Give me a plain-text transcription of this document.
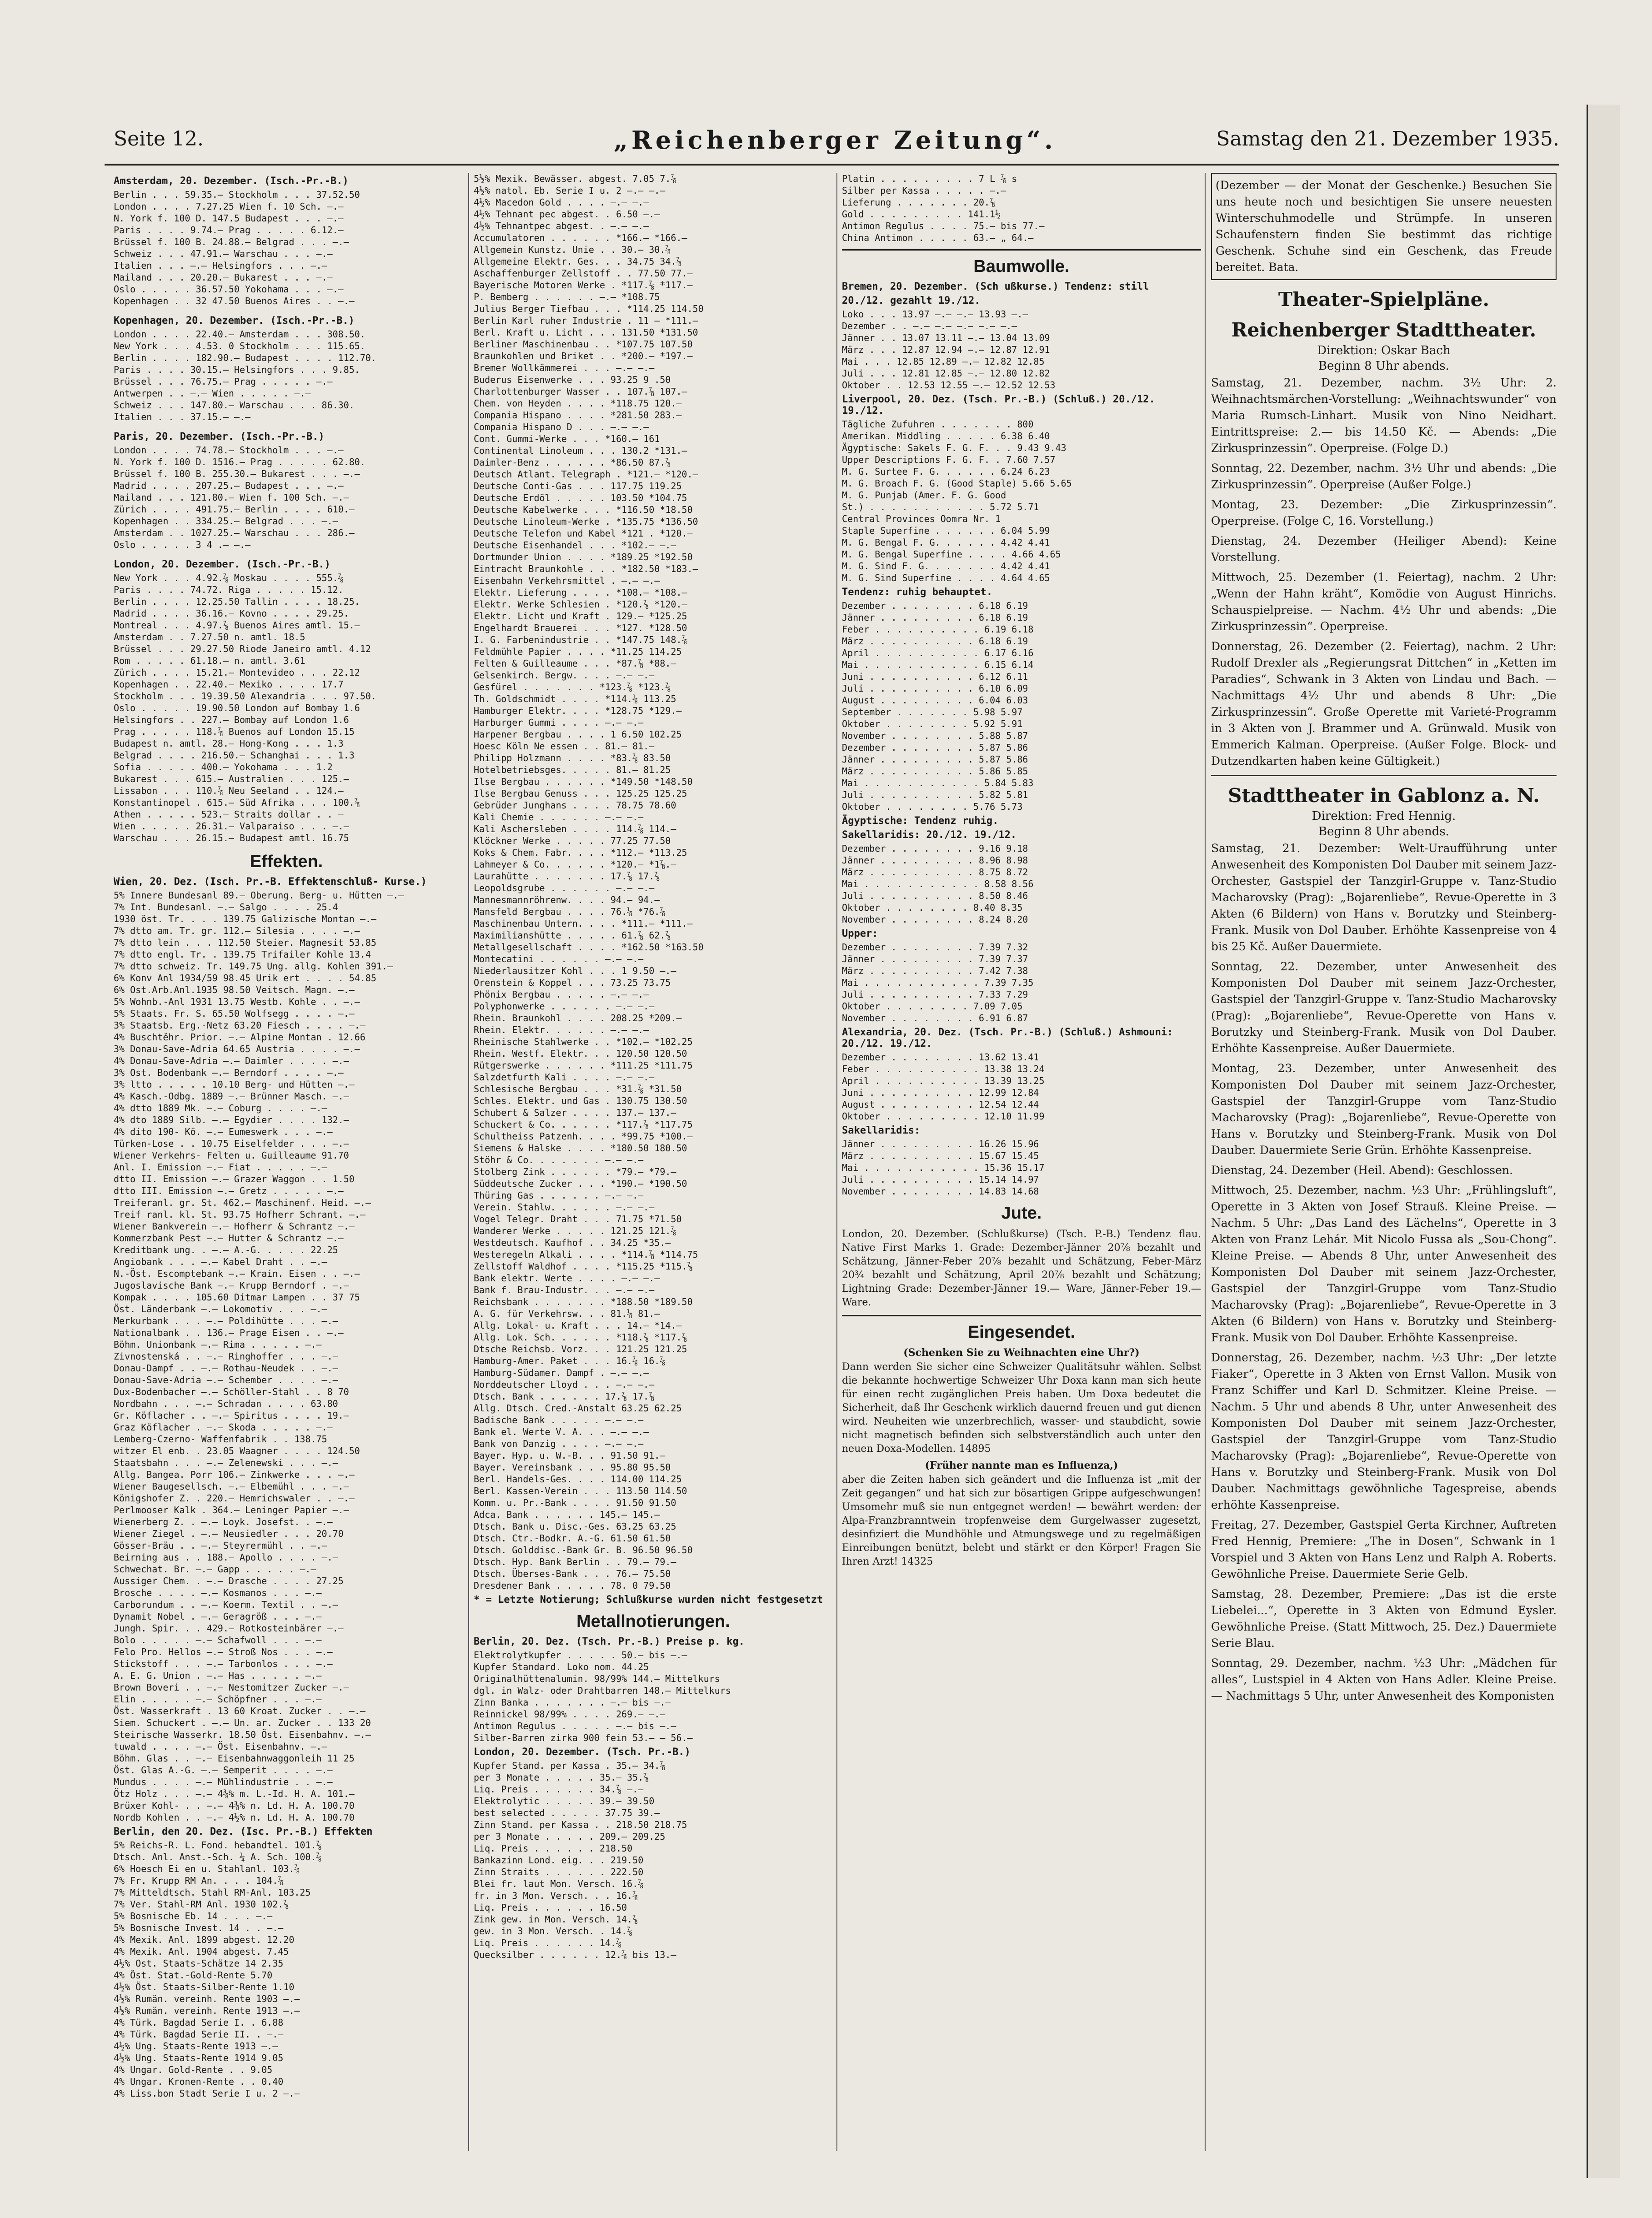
Seite 12.	„Reichenberger Zeitung“.	Samstag den 21. Dezember 1935.
Amsterdam, 20. Dezember. (Isch.-Pr.-B.)
Berlin . . . 59.35.— Stockholm . . . 37.52.50
London . . . . 7.27.25 Wien f. 10 Sch. —.—
N. York f. 100 D. 147.5 Budapest . . . —.—
Paris . . . . 9.74.— Prag . . . . . 6.12.—
Brüssel f. 100 B. 24.88.— Belgrad . . . —.—
Schweiz . . . 47.91.— Warschau . . . —.—
Italien . . . —.— Helsingfors . . . —.—
Mailand . . . 20.20.— Bukarest . . . —.—
Oslo . . . . . 36.57.50 Yokohama . . . —.—
Kopenhagen . . 32 47.50 Buenos Aires . . —.—
Kopenhagen, 20. Dezember. (Isch.-Pr.-B.)
London . . . . 22.40.— Amsterdam . . . 308.50.
New York . . . 4.53. 0 Stockholm . . . 115.65.
Berlin . . . . 182.90.— Budapest . . . . 112.70.
Paris . . . . 30.15.— Helsingfors . . . 9.85.
Brüssel . . . 76.75.— Prag . . . . . —.—
Antwerpen . . —.— Wien . . . . . —.—
Schweiz . . . 147.80.— Warschau . . . 86.30.
Italien . . . 37.15.— —.—
Paris, 20. Dezember. (Isch.-Pr.-B.)
London . . . . 74.78.— Stockholm . . . —.—
N. York f. 100 D. 1516.— Prag . . . . . 62.80.
Brüssel f. 100 B. 255.30.— Bukarest . . . —.—
Madrid . . . . 207.25.— Budapest . . . —.—
Mailand . . . 121.80.— Wien f. 100 Sch. —.—
Zürich . . . . 491.75.— Berlin . . . . 610.—
Kopenhagen . . 334.25.— Belgrad . . . —.—
Amsterdam . . 1027.25.— Warschau . . . 286.—
Oslo . . . . . 3 4 .— —.—
London, 20. Dezember. (Isch.-Pr.-B.)
New York . . . 4.92.⅞ Moskau . . . . 555.⅞
Paris . . . . 74.72. Riga . . . . . 15.12.
Berlin . . . . 12.25.50 Tallin . . . . 18.25.
Madrid . . . . 36.16.— Kovno . . . . 29.25.
Montreal . . . 4.97.⅞ Buenos Aires amtl. 15.—
Amsterdam . . 7.27.50 n. amtl. 18.5
Brüssel . . . 29.27.50 Riode Janeiro amtl. 4.12
Rom . . . . . 61.18.— n. amtl. 3.61
Zürich . . . . 15.21.— Montevideo . . . 22.12
Kopenhagen . . 22.40.— Mexiko . . . . 17.7
Stockholm . . . 19.39.50 Alexandria . . . 97.50.
Oslo . . . . . 19.90.50 London auf Bombay 1.6
Helsingfors . . 227.— Bombay auf London 1.6
Prag . . . . . 118.⅞ Buenos auf London 15.15
Budapest n. amtl. 28.— Hong-Kong . . . 1.3
Belgrad . . . . 216.50.— Schanghai . . . 1.3
Sofia . . . . . 400.— Yokohama . . . 1.2
Bukarest . . . 615.— Australien . . . 125.—
Lissabon . . . 110.⅞ Neu Seeland . . 124.—
Konstantinopel . 615.— Süd Afrika . . . 100.⅞
Athen . . . . . 523.— Straits dollar . . —
Wien . . . . . 26.31.— Valparaiso . . . —.—
Warschau . . . 26.15.— Budapest amtl. 16.75
Effekten.
Wien, 20. Dez. (Isch. Pr.-B. Effektenschluß- Kurse.)
5% Innere Bundesanl 89.— Oberung. Berg- u. Hütten —.—
7% Int. Bundesanl. —.— Salgo . . . . 25.4
1930 öst. Tr. . . . 139.75 Galizische Montan —.—
7% dtto am. Tr. gr. 112.— Silesia . . . . —.—
7% dtto lein . . . 112.50 Steier. Magnesit 53.85
7% dtto engl. Tr. . 139.75 Trifailer Kohle 13.4
7% dtto schweiz. Tr. 149.75 Ung. allg. Kohlen 391.—
6% Konv Anl 1934/59 98.45 Urik ert . . . . 54.85
6% Ost.Arb.Anl.1935 98.50 Veitsch. Magn. —.—
5% Wohnb.-Anl 1931 13.75 Westb. Kohle . . —.—
5% Staats. Fr. S. 65.50 Wolfsegg . . . . —.—
3% Staatsb. Erg.-Netz 63.20 Fiesch . . . . —.—
4% Buschtěhr. Prior. —.— Alpine Montan . 12.66
3% Donau-Save-Adria 64.65 Austria . . . . —.—
4% Donau-Save-Adria —.— Daimler . . . . —.—
3% Ost. Bodenbank —.— Berndorf . . . . —.—
3% ltto . . . . . 10.10 Berg- und Hütten —.—
4% Kasch.-Odbg. 1889 —.— Brünner Masch. —.—
4% dtto 1889 Mk. —.— Coburg . . . . —.—
4% dto 1889 Silb. —.— Egydier . . . . 132.—
4% dito 190- Kö. —.— Eumeswerk . . . —.—
Türken-Lose . . 10.75 Eiselfelder . . . —.—
Wiener Verkehrs- Felten u. Guilleaume 91.70
Anl. I. Emission —.— Fiat . . . . . —.—
dtto II. Emission —.— Grazer Waggon . . 1.50
dtto III. Emission —.— Gretz . . . . . —.—
Treiferanl. gr. St. 462.— Maschinenf. Heid. —.—
Treif ranl. kl. St. 93.75 Hofherr Schrant. —.—
Wiener Bankverein —.— Hofherr & Schrantz —.—
Kommerzbank Pest —.— Hutter & Schrantz —.—
Kreditbank ung. . —.— A.-G. . . . . 22.25
Angiobank . . . —.— Kabel Draht . . —.—
N.-Öst. Escomptebank —.— Krain. Eisen . . —.—
Jugoslavische Bank —.— Krupp Berndorf . —.—
Kompak . . . . 105.60 Ditmar Lampen . . 37 75
Öst. Länderbank —.— Lokomotiv . . . —.—
Merkurbank . . . —.— Poldihütte . . . —.—
Nationalbank . . 136.— Prage Eisen . . —.—
Böhm. Unionbank —.— Rima . . . . . —.—
Zivnostenská . . —.— Ringhoffer . . . —.—
Donau-Dampf . . —.— Rothau-Neudek . . —.—
Donau-Save-Adria —.— Schember . . . . —.—
Dux-Bodenbacher —.— Schöller-Stahl . . 8 70
Nordbahn . . . —.— Schradan . . . . 63.80
Gr. Köflacher . . —.— Spiritus . . . . 19.—
Graz Köflacher . —.— Skoda . . . . . —.—
Lemberg-Czerno- Waffenfabrik . . 138.75
witzer El enb. . 23.05 Waagner . . . . 124.50
Staatsbahn . . . —.— Zelenewski . . . —.—
Allg. Bangea. Porr 106.— Zinkwerke . . . —.—
Wiener Baugesellsch. —.— Elbemühl . . . —.—
Königshofer Z. . 220.— Hemrichswaler . . —.—
Perlmooser Kalk . 364.— Leninger Papier —.—
Wienerberg Z. . —.— Loyk. Josefst. . —.—
Wiener Ziegel . —.— Neusiedler . . . 20.70
Gösser-Bräu . . —.— Steyrermühl . . —.—
Beirning aus . . 188.— Apollo . . . . —.—
Schwechat. Br. —.— Gapp . . . . . —.—
Aussiger Chem. . —.— Drasche . . . . 27.25
Brosche . . . . —.— Kosmanos . . . —.—
Carborundum . . —.— Koerm. Textil . . —.—
Dynamit Nobel . —.— Geragröß . . . —.—
Jungh. Spir. . . 429.— Rotkosteinbärer —.—
Bolo . . . . . —.— Schafwoll . . . —.—
Felo Pro. Hellos —.— Stroß Nos . . . —.—
Stickstoff . . . —.— Tarbonlos . . . —.—
A. E. G. Union . —.— Has . . . . . —.—
Brown Boveri . . —.— Nestomitzer Zucker —.—
Elin . . . . . —.— Schöpfner . . . —.—
Öst. Wasserkraft . 13 60 Kroat. Zucker . . —.—
Siem. Schuckert . —.— Un. ar. Zucker . . 133 20
Steirische Wasserkr. 18.50 Öst. Eisenbahnv. —.—
tuwald . . . . —.— Öst. Eisenbahnv. —.—
Böhm. Glas . . —.— Eisenbahnwaggonleih 11 25
Öst. Glas A.-G. —.— Semperit . . . . —.—
Mundus . . . . —.— Mühlindustrie . . —.—
Ötz Holz . . . —.— 4⅜% m. L.-Id. H. A. 101.—
Brüxer Kohl- . . —.— 4⅜% n. Ld. H. A. 100.70
Nordb Kohlen . . —.— 4½% n. Ld. H. A. 100.70
Berlin, den 20. Dez. (Isc. Pr.-B.) Effekten
5% Reichs-R. L. Fond. hebandtel. 101.⅞
Dtsch. Anl. Anst.-Sch. ¼ A. Sch. 100.⅞
6% Hoesch Ei en u. Stahlanl. 103.⅞
7% Fr. Krupp RM An. . . . 104.⅞
7% Mitteldtsch. Stahl RM-Anl. 103.25
7% Ver. Stahl-RM Anl. 1930 102.⅞
5% Bosnische Eb. 14 . . . —.—
5% Bosnische Invest. 14 . . —.—
4% Mexik. Anl. 1899 abgest. 12.20
4% Mexik. Anl. 1904 abgest. 7.45
4½% Ost. Staats-Schätze 14 2.35
4% Öst. Stat.-Gold-Rente 5.70
4½% Öst. Staats-Silber-Rente 1.10
4½% Rumän. vereinh. Rente 1903 —.—
4½% Rumän. vereinh. Rente 1913 —.—
4% Türk. Bagdad Serie I. . 6.88
4% Türk. Bagdad Serie II. . —.—
4½% Ung. Staats-Rente 1913 —.—
4½% Ung. Staats-Rente 1914 9.05
4% Ungar. Gold-Rente . . 9.05
4% Ungar. Kronen-Rente . . 0.40
4% Liss.bon Stadt Serie I u. 2 —.—
5½% Mexik. Bewässer. abgest. 7.05 7.⅞
4½% natol. Eb. Serie I u. 2 —.— —.—
4½% Macedon Gold . . . . —.— —.—
4½% Tehnant pec abgest. . 6.50 —.—
4½% Tehnantpec abgest. . —.— —.—
Accumulatoren . . . . . . *166.— *166.—
Allgemein Kunstz. Unie . . 30.— 30.⅞
Allgemeine Elektr. Ges. . . 34.75 34.⅞
Aschaffenburger Zellstoff . . 77.50 77.—
Bayerische Motoren Werke . *117.⅞ *117.—
P. Bemberg . . . . . . —.— *108.75
Julius Berger Tiefbau . . . *114.25 114.50
Berlin Karl ruher Industrie . 11 — *111.—
Berl. Kraft u. Licht . . . 131.50 *131.50
Berliner Maschinenbau . . *107.75 107.50
Braunkohlen und Briket . . *200.— *197.—
Bremer Wollkämmerei . . . —.— —.—
Buderus Eisenwerke . . . 93.25 9 .50
Charlottenburger Wasser . . 107.⅞ 107.—
Chem. von Heyden . . . . *118.75 120.—
Compania Hispano . . . . *281.50 283.—
Compania Hispano D . . . —.— —.—
Cont. Gummi-Werke . . . *160.— 161
Continental Linoleum . . . 130.2 *131.—
Daimler-Benz . . . . . . *86.50 87.⅞
Deutsch Atlant. Telegraph . *121.— *120.—
Deutsche Conti-Gas . . . 117.75 119.25
Deutsche Erdöl . . . . . 103.50 *104.75
Deutsche Kabelwerke . . . *116.50 *18.50
Deutsche Linoleum-Werke . *135.75 *136.50
Deutsche Telefon und Kabel *121 . *120.—
Deutsche Eisenhandel . . . *102.— —.—
Dortmunder Union . . . . *189.25 *192.50
Eintracht Braunkohle . . . *182.50 *183.—
Eisenbahn Verkehrsmittel . —.— —.—
Elektr. Lieferung . . . . *108.— *108.—
Elektr. Werke Schlesien . *120.⅞ *120.—
Elektr. Licht und Kraft . 129.— *125.25
Engelhardt Brauerei . . . *127. *128.50
I. G. Farbenindustrie . . *147.75 148.⅞
Feldmühle Papier . . . . *11.25 114.25
Felten & Guilleaume . . . *87.⅞ *88.—
Gelsenkirch. Bergw. . . . —.— —.—
Gesfürel . . . . . . . *123.⅞ *123.⅞
Th. Goldschmidt . . . . *114.⅛ 113.25
Hamburger Elektr. . . . *128.75 *129.—
Harburger Gummi . . . . —.— —.—
Harpener Bergbau . . . . 1 6.50 102.25
Hoesc Köln Ne essen . . 81.— 81.—
Philipp Holzmann . . . . *83.⅞ 83.50
Hotelbetriebsges. . . . . 81.— 81.25
Ilse Bergbau . . . . . . *149.50 *148.50
Ilse Bergbau Genuss . . . 125.25 125.25
Gebrüder Junghans . . . . 78.75 78.60
Kali Chemie . . . . . . —.— —.—
Kali Aschersleben . . . . 114.⅞ 114.—
Klöckner Werke . . . . . 77.25 77.50
Koks & Chem. Fabr. . . . *112.— *113.25
Lahmeyer & Co. . . . . . *120.— *1⅞.—
Laurahütte . . . . . . . 17.⅞ 17.⅞
Leopoldsgrube . . . . . . —.— —.—
Mannesmannröhrenw. . . . 94.— 94.—
Mansfeld Bergbau . . . . 76.⅛ *76.⅞
Maschinenbau Untern. . . . *111.— *111.—
Maximilianshütte . . . . . 61.⅞ 62.⅞
Metallgesellschaft . . . . *162.50 *163.50
Montecatini . . . . . . —.— —.—
Niederlausitzer Kohl . . . 1 9.50 —.—
Orenstein & Koppel . . . 73.25 73.75
Phönix Bergbau . . . . . —.— —.—
Polyphonwerke . . . . . . —.— —.—
Rhein. Braunkohl . . . . 208.25 *209.—
Rhein. Elektr. . . . . . —.— —.—
Rheinische Stahlwerke . . *102.— *102.25
Rhein. Westf. Elektr. . . 120.50 120.50
Rütgerswerke . . . . . . *111.25 *111.75
Salzdetfurth Kali . . . . —.— —.—
Schlesische Bergbau . . . *31.⅞ *31.50
Schles. Elektr. und Gas . 130.75 130.50
Schubert & Salzer . . . . 137.— 137.—
Schuckert & Co. . . . . . *117.⅞ *117.75
Schultheiss Patzenh. . . . *99.75 *100.—
Siemens & Halske . . . . *180.50 180.50
Stöhr & Co. . . . . . . —.— —.—
Stolberg Zink . . . . . . *79.— *79.—
Süddeutsche Zucker . . . *190.— *190.50
Thüring Gas . . . . . . —.— —.—
Verein. Stahlw. . . . . . —.— —.—
Vogel Telegr. Draht . . . 71.75 *71.50
Wanderer Werke . . . . . 121.25 121.⅞
Westdeutsch. Kaufhof . . 34.25 *35.—
Westeregeln Alkali . . . . *114.⅞ *114.75
Zellstoff Waldhof . . . . *115.25 *115.⅞
Bank elektr. Werte . . . . —.— —.—
Bank f. Brau-Industr. . . —.— —.—
Reichsbank . . . . . . . *188.50 *189.50
A. G. für Verkehrsw. . . 81.⅛ 81.—
Allg. Lokal- u. Kraft . . . 14.— *14.—
Allg. Lok. Sch. . . . . . *118.⅞ *117.⅞
Dtsche Reichsb. Vorz. . . 121.25 121.25
Hamburg-Amer. Paket . . . 16.⅞ 16.⅞
Hamburg-Südamer. Dampf . —.— —.—
Norddeutscher Lloyd . . . —.— —.—
Dtsch. Bank . . . . . . 17.⅞ 17.⅞
Allg. Dtsch. Cred.-Anstalt 63.25 62.25
Badische Bank . . . . . —.— —.—
Bank el. Werte V. A. . . —.— —.—
Bank von Danzig . . . . —.— —.—
Bayer. Hyp. u. W.-B. . . 91.50 91.—
Bayer. Vereinsbank . . . 95.80 95.50
Berl. Handels-Ges. . . . 114.00 114.25
Berl. Kassen-Verein . . . 113.50 114.50
Komm. u. Pr.-Bank . . . . 91.50 91.50
Adca. Bank . . . . . . 145.— 145.—
Dtsch. Bank u. Disc.-Ges. 63.25 63.25
Dtsch. Ctr.-Bodkr. A.-G. 61.50 61.50
Dtsch. Golddisc.-Bank Gr. B. 96.50 96.50
Dtsch. Hyp. Bank Berlin . . 79.— 79.—
Dtsch. Überses-Bank . . . 76.— 75.50
Dresdener Bank . . . . . 78. 0 79.50
* = Letzte Notierung; Schlußkurse wurden nicht festgesetzt
Metallnotierungen.
Berlin, 20. Dez. (Tsch. Pr.-B.) Preise p. kg.
Elektrolytkupfer . . . . . 50.— bis —.—
Kupfer Standard. Loko nom. 44.25
Originalhüttenalumin. 98/99% 144.— Mittelkurs
dgl. in Walz- oder Drahtbarren 148.— Mittelkurs
Zinn Banka . . . . . . . —.— bis —.—
Reinnickel 98/99% . . . . 269.— —.—
Antimon Regulus . . . . . —.— bis —.—
Silber-Barren zirka 900 fein 53.— — 56.—
London, 20. Dezember. (Tsch. Pr.-B.)
Kupfer Stand. per Kassa . 35.— 34.⅞
per 3 Monate . . . . . 35.— 35.⅞
Liq. Preis . . . . . . 34.⅞ —.—
Elektrolytic . . . . . 39.— 39.50
best selected . . . . . 37.75 39.—
Zinn Stand. per Kassa . . 218.50 218.75
per 3 Monate . . . . . 209.— 209.25
Liq. Preis . . . . . . 218.50
Bankazinn Lond. eig. . . 219.50
Zinn Straits . . . . . . 222.50
Blei fr. laut Mon. Versch. 16.⅞
fr. in 3 Mon. Versch. . . 16.⅞
Liq. Preis . . . . . . 16.50
Zink gew. in Mon. Versch. 14.⅞
gew. in 3 Mon. Versch. . 14.⅞
Liq. Preis . . . . . . 14.⅞
Quecksilber . . . . . . 12.⅞ bis 13.—
Platin . . . . . . . . . 7 L ⅞ s
Silber per Kassa . . . . . —.—
Lieferung . . . . . . . 20.⅞
Gold . . . . . . . . . 141.1½
Antimon Regulus . . . . 75.— bis 77.—
China Antimon . . . . . 63.— „ 64.—
Baumwolle.
Bremen, 20. Dezember. (Sch ußkurse.) Tendenz: still
20./12. gezahlt 19./12.
Loko . . . 13.97 —.— —.— 13.93 —.—
Dezember . . —.— —.— —.— —.— —.—
Jänner . . 13.07 13.11 —.— 13.04 13.09
März . . . 12.87 12.94 —.— 12.87 12.91
Mai . . . 12.85 12.89 —.— 12.82 12.85
Juli . . . 12.81 12.85 —.— 12.80 12.82
Oktober . . 12.53 12.55 —.— 12.52 12.53
Liverpool, 20. Dez. (Tsch. Pr.-B.) (Schluß.) 20./12. 19./12.
Tägliche Zufuhren . . . . . . . 800
Amerikan. Middling . . . . . 6.38 6.40
Ägyptische: Sakels F. G. F. . . 9.43 9.43
Upper Descriptions F. G. F. . 7.60 7.57
M. G. Surtee F. G. . . . . . 6.24 6.23
M. G. Broach F. G. (Good Staple) 5.66 5.65
M. G. Punjab (Amer. F. G. Good
St.) . . . . . . . . . . . 5.72 5.71
Central Provinces Oomra Nr. 1
Staple Superfine . . . . . . 6.04 5.99
M. G. Bengal F. G. . . . . . 4.42 4.41
M. G. Bengal Superfine . . . . 4.66 4.65
M. G. Sind F. G. . . . . . . 4.42 4.41
M. G. Sind Superfine . . . . 4.64 4.65
Tendenz: ruhig behauptet.
Dezember . . . . . . . . 6.18 6.19
Jänner . . . . . . . . . 6.18 6.19
Feber . . . . . . . . . . 6.19 6.18
März . . . . . . . . . . 6.18 6.19
April . . . . . . . . . . 6.17 6.16
Mai . . . . . . . . . . . 6.15 6.14
Juni . . . . . . . . . . 6.12 6.11
Juli . . . . . . . . . . 6.10 6.09
August . . . . . . . . . 6.04 6.03
September . . . . . . . 5.98 5.97
Oktober . . . . . . . . 5.92 5.91
November . . . . . . . . 5.88 5.87
Dezember . . . . . . . . 5.87 5.86
Jänner . . . . . . . . . 5.87 5.86
März . . . . . . . . . . 5.86 5.85
Mai . . . . . . . . . . . 5.84 5.83
Juli . . . . . . . . . . 5.82 5.81
Oktober . . . . . . . . 5.76 5.73
Ägyptische: Tendenz ruhig.
Sakellaridis: 20./12. 19./12.
Dezember . . . . . . . . 9.16 9.18
Jänner . . . . . . . . . 8.96 8.98
März . . . . . . . . . . 8.75 8.72
Mai . . . . . . . . . . . 8.58 8.56
Juli . . . . . . . . . . 8.50 8.46
Oktober . . . . . . . . 8.40 8.35
November . . . . . . . . 8.24 8.20
Upper:
Dezember . . . . . . . . 7.39 7.32
Jänner . . . . . . . . . 7.39 7.37
März . . . . . . . . . . 7.42 7.38
Mai . . . . . . . . . . . 7.39 7.35
Juli . . . . . . . . . . 7.33 7.29
Oktober . . . . . . . . 7.09 7.05
November . . . . . . . . 6.91 6.87
Alexandria, 20. Dez. (Tsch. Pr.-B.) (Schluß.) Ashmouni: 20./12. 19./12.
Dezember . . . . . . . . 13.62 13.41
Feber . . . . . . . . . . 13.38 13.24
April . . . . . . . . . . 13.39 13.25
Juni . . . . . . . . . . 12.99 12.84
August . . . . . . . . . 12.54 12.44
Oktober . . . . . . . . . 12.10 11.99
Sakellaridis:
Jänner . . . . . . . . . 16.26 15.96
März . . . . . . . . . . 15.67 15.45
Mai . . . . . . . . . . . 15.36 15.17
Juli . . . . . . . . . . 15.14 14.97
November . . . . . . . . 14.83 14.68
Jute.
London, 20. Dezember. (Schlußkurse) (Tsch. P.-B.) Tendenz flau. Native First Marks 1. Grade: Dezember-Jänner 20⅞ bezahlt und Schätzung, Jänner-Feber 20⅞ bezahlt und Schätzung, Feber-März 20¾ bezahlt und Schätzung, April 20⅞ bezahlt und Schätzung; Lightning Grade: Dezember-Jänner 19.— Ware, Jänner-Feber 19.— Ware.
Eingesendet.
(Schenken Sie zu Weihnachten eine Uhr?)
Dann werden Sie sicher eine Schweizer Qualitätsuhr wählen. Selbst die bekannte hochwertige Schweizer Uhr Doxa kann man sich heute für einen recht zugänglichen Preis haben. Um Doxa bedeutet die Sicherheit, daß Ihr Geschenk wirklich dauernd freuen und gut dienen wird. Neuheiten wie unzerbrechlich, wasser- und staubdicht, sowie nicht magnetisch befinden sich selbstverständlich auch unter den neuen Doxa-Modellen. 14895
(Früher nannte man es Influenza,)
aber die Zeiten haben sich geändert und die Influenza ist „mit der Zeit gegangen“ und hat sich zur bösartigen Grippe aufgeschwungen! Umsomehr muß sie nun entgegnet werden! — bewährt werden: der Alpa-Franzbranntwein tropfenweise dem Gurgelwasser zugesetzt, desinfiziert die Mundhöhle und Atmungswege und zu regelmäßigen Einreibungen benützt, belebt und stärkt er den Körper! Fragen Sie Ihren Arzt! 14325
(Dezember — der Monat der Geschenke.) Besuchen Sie uns heute noch und besichtigen Sie unsere neuesten Winterschuhmodelle und Strümpfe. In unseren Schaufenstern finden Sie bestimmt das richtige Geschenk. Schuhe sind ein Geschenk, das Freude bereitet. Bata.
Theater-Spielpläne.
Reichenberger Stadttheater.
Direktion: Oskar Bach
Beginn 8 Uhr abends.
Samstag, 21. Dezember, nachm. 3½ Uhr: 2. Weihnachtsmärchen-Vorstellung: „Weihnachtswunder“ von Maria Rumsch-Linhart. Musik von Nino Neidhart. Eintrittspreise: 2.— bis 14.50 Kč. — Abends: „Die Zirkusprinzessin“. Operpreise. (Folge D.)
Sonntag, 22. Dezember, nachm. 3½ Uhr und abends: „Die Zirkusprinzessin“. Operpreise (Außer Folge.)
Montag, 23. Dezember: „Die Zirkusprinzessin“. Operpreise. (Folge C, 16. Vorstellung.)
Dienstag, 24. Dezember (Heiliger Abend): Keine Vorstellung.
Mittwoch, 25. Dezember (1. Feiertag), nachm. 2 Uhr: „Wenn der Hahn kräht“, Komödie von August Hinrichs. Schauspielpreise. — Nachm. 4½ Uhr und abends: „Die Zirkusprinzessin“. Operpreise.
Donnerstag, 26. Dezember (2. Feiertag), nachm. 2 Uhr: Rudolf Drexler als „Regierungsrat Dittchen“ in „Ketten im Paradies“, Schwank in 3 Akten von Lindau und Bach. — Nachmittags 4½ Uhr und abends 8 Uhr: „Die Zirkusprinzessin“. Große Operette mit Varieté-Programm in 3 Akten von J. Brammer und A. Grünwald. Musik von Emmerich Kalman. Operpreise. (Außer Folge. Block- und Dutzendkarten haben keine Gültigkeit.)
Stadttheater in Gablonz a. N.
Direktion: Fred Hennig.
Beginn 8 Uhr abends.
Samstag, 21. Dezember: Welt-Uraufführung unter Anwesenheit des Komponisten Dol Dauber mit seinem Jazz-Orchester, Gastspiel der Tanzgirl-Gruppe v. Tanz-Studio Macharovsky (Prag): „Bojarenliebe“, Revue-Operette in 3 Akten (6 Bildern) von Hans v. Borutzky und Steinberg-Frank. Musik von Dol Dauber. Erhöhte Kassenpreise von 4 bis 25 Kč. Außer Dauermiete.
Sonntag, 22. Dezember, unter Anwesenheit des Komponisten Dol Dauber mit seinem Jazz-Orchester, Gastspiel der Tanzgirl-Gruppe v. Tanz-Studio Macharovsky (Prag): „Bojarenliebe“, Revue-Operette von Hans v. Borutzky und Steinberg-Frank. Musik von Dol Dauber. Erhöhte Kassenpreise. Außer Dauermiete.
Montag, 23. Dezember, unter Anwesenheit des Komponisten Dol Dauber mit seinem Jazz-Orchester, Gastspiel der Tanzgirl-Gruppe vom Tanz-Studio Macharovsky (Prag): „Bojarenliebe“, Revue-Operette von Hans v. Borutzky und Steinberg-Frank. Musik von Dol Dauber. Dauermiete Serie Grün. Erhöhte Kassenpreise.
Dienstag, 24. Dezember (Heil. Abend): Geschlossen.
Mittwoch, 25. Dezember, nachm. ½3 Uhr: „Frühlingsluft“, Operette in 3 Akten von Josef Strauß. Kleine Preise. — Nachm. 5 Uhr: „Das Land des Lächelns“, Operette in 3 Akten von Franz Lehár. Mit Nicolo Fussa als „Sou-Chong“. Kleine Preise. — Abends 8 Uhr, unter Anwesenheit des Komponisten Dol Dauber mit seinem Jazz-Orchester, Gastspiel der Tanzgirl-Gruppe vom Tanz-Studio Macharovsky (Prag): „Bojarenliebe“, Revue-Operette in 3 Akten (6 Bildern) von Hans v. Borutzky und Steinberg-Frank. Musik von Dol Dauber. Erhöhte Kassenpreise.
Donnerstag, 26. Dezember, nachm. ½3 Uhr: „Der letzte Fiaker“, Operette in 3 Akten von Ernst Vallon. Musik von Franz Schiffer und Karl D. Schmitzer. Kleine Preise. — Nachm. 5 Uhr und abends 8 Uhr, unter Anwesenheit des Komponisten Dol Dauber mit seinem Jazz-Orchester, Gastspiel der Tanzgirl-Gruppe vom Tanz-Studio Macharovsky (Prag): „Bojarenliebe“, Revue-Operette von Hans v. Borutzky und Steinberg-Frank. Musik von Dol Dauber. Nachmittags gewöhnliche Tagespreise, abends erhöhte Kassenpreise.
Freitag, 27. Dezember, Gastspiel Gerta Kirchner, Auftreten Fred Hennig, Premiere: „The in Dosen“, Schwank in 1 Vorspiel und 3 Akten von Hans Lenz und Ralph A. Roberts. Gewöhnliche Preise. Dauermiete Serie Gelb.
Samstag, 28. Dezember, Premiere: „Das ist die erste Liebelei...“, Operette in 3 Akten von Edmund Eysler. Gewöhnliche Preise. (Statt Mittwoch, 25. Dez.) Dauermiete Serie Blau.
Sonntag, 29. Dezember, nachm. ½3 Uhr: „Mädchen für alles“, Lustspiel in 4 Akten von Hans Adler. Kleine Preise. — Nachmittags 5 Uhr, unter Anwesenheit des Komponisten
